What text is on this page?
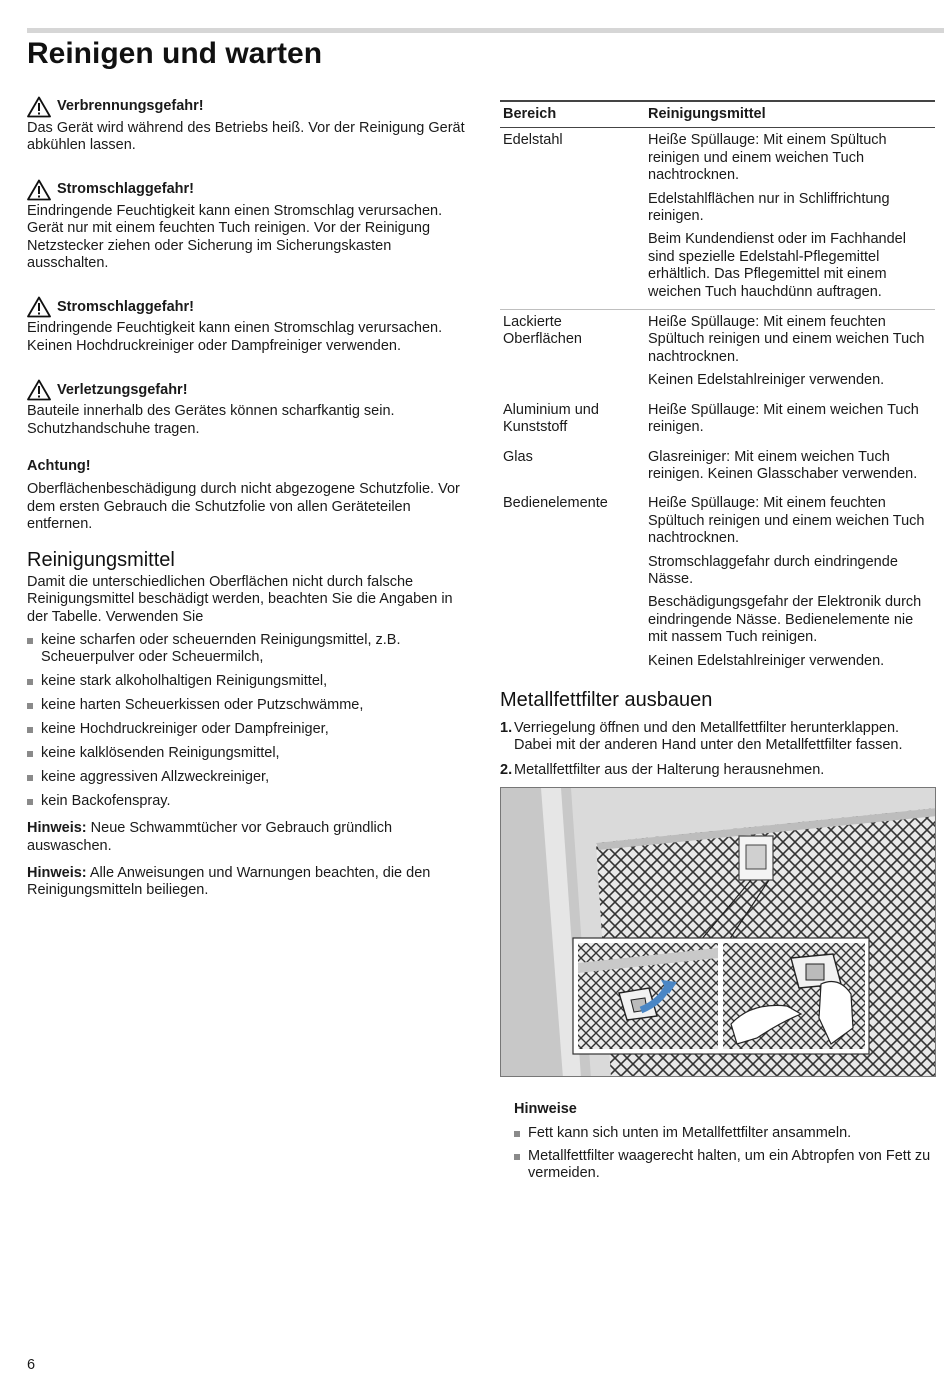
Reinigen und warten
Verbrennungsgefahr!
Das Gerät wird während des Betriebs heiß. Vor der Reinigung Gerät abkühlen lassen.
Stromschlaggefahr!
Eindringende Feuchtigkeit kann einen Stromschlag verursachen. Gerät nur mit einem feuchten Tuch reinigen. Vor der Reinigung Netzstecker ziehen oder Sicherung im Sicherungskasten ausschalten.
Stromschlaggefahr!
Eindringende Feuchtigkeit kann einen Stromschlag verursachen. Keinen Hochdruckreiniger oder Dampfreiniger verwenden.
Verletzungsgefahr!
Bauteile innerhalb des Gerätes können scharfkantig sein. Schutzhandschuhe tragen.
Achtung!
Oberflächenbeschädigung durch nicht abgezogene Schutzfolie. Vor dem ersten Gebrauch die Schutzfolie von allen Geräteteilen entfernen.
Reinigungsmittel
Damit die unterschiedlichen Oberflächen nicht durch falsche Reinigungsmittel beschädigt werden, beachten Sie die Angaben in der Tabelle. Verwenden Sie
keine scharfen oder scheuernden Reinigungsmittel, z.B. Scheuerpulver oder Scheuermilch,
keine stark alkoholhaltigen Reinigungsmittel,
keine harten Scheuerkissen oder Putzschwämme,
keine Hochdruckreiniger oder Dampfreiniger,
keine kalklösenden Reinigungsmittel,
keine aggressiven Allzweckreiniger,
kein Backofenspray.
Hinweis: Neue Schwammtücher vor Gebrauch gründlich auswaschen.
Hinweis: Alle Anweisungen und Warnungen beachten, die den Reinigungsmitteln beiliegen.
Bereich	Reinigungsmittel
Edelstahl	Heiße Spüllauge: Mit einem Spültuch reinigen und einem weichen Tuch nachtrocknen.

Edelstahlflächen nur in Schliffrichtung reinigen.

Beim Kundendienst oder im Fachhandel sind spezielle Edelstahl-Pflegemittel erhältlich. Das Pflegemittel mit einem weichen Tuch hauchdünn auftragen.

Lackierte Oberflächen	Heiße Spüllauge: Mit einem feuchten Spültuch reinigen und einem weichen Tuch nachtrocknen.

Keinen Edelstahlreiniger verwenden.

Aluminium und Kunststoff	Heiße Spüllauge: Mit einem weichen Tuch reinigen.

Glas	Glasreiniger: Mit einem weichen Tuch reinigen. Keinen Glasschaber verwenden.

Bedienelemente	Heiße Spüllauge: Mit einem feuchten Spültuch reinigen und einem weichen Tuch nachtrocknen.

Stromschlaggefahr durch eindringende Nässe.

Beschädigungsgefahr der Elektronik durch eindringende Nässe. Bedienelemente nie mit nassem Tuch reinigen.

Keinen Edelstahlreiniger verwenden.

Metallfettfilter ausbauen
1. Verriegelung öffnen und den Metallfettfilter herunterklappen. Dabei mit der anderen Hand unter den Metallfettfilter fassen.
2. Metallfettfilter aus der Halterung herausnehmen.
Hinweise
Fett kann sich unten im Metallfettfilter ansammeln.
Metallfettfilter waagerecht halten, um ein Abtropfen von Fett zu vermeiden.
6
